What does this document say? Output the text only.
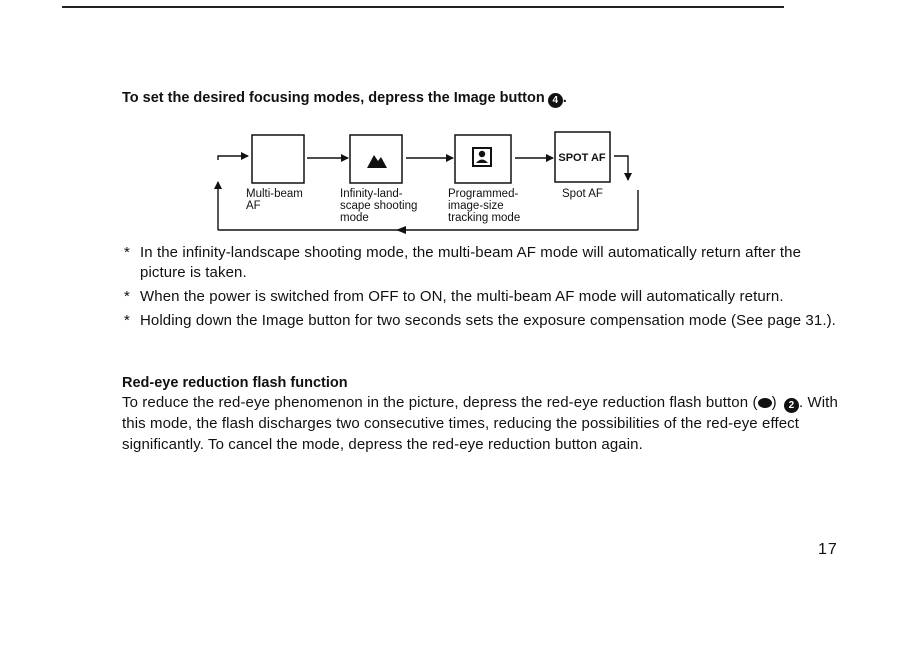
To set the desired focusing modes, depress the Image button 4 .
SPOT AF
Multi-beam
AF
Infinity-land-
scape shooting
mode
Programmed-
image-size
tracking mode
Spot AF
* In the infinity-landscape shooting mode, the multi-beam AF mode will automatically return after the picture is taken.
* When the power is switched from OFF to ON, the multi-beam AF mode will automatically return.
* Holding down the Image button for two seconds sets the exposure compensation mode (See page 31.).
Red-eye reduction flash function

To reduce the red-eye phenomenon in the picture, depress the red-eye reduction flash button ( ) 2 . With this mode, the flash discharges two consecutive times, reducing the possibilities of the red-eye effect significantly. To cancel the mode, depress the red-eye reduction button again.

17
